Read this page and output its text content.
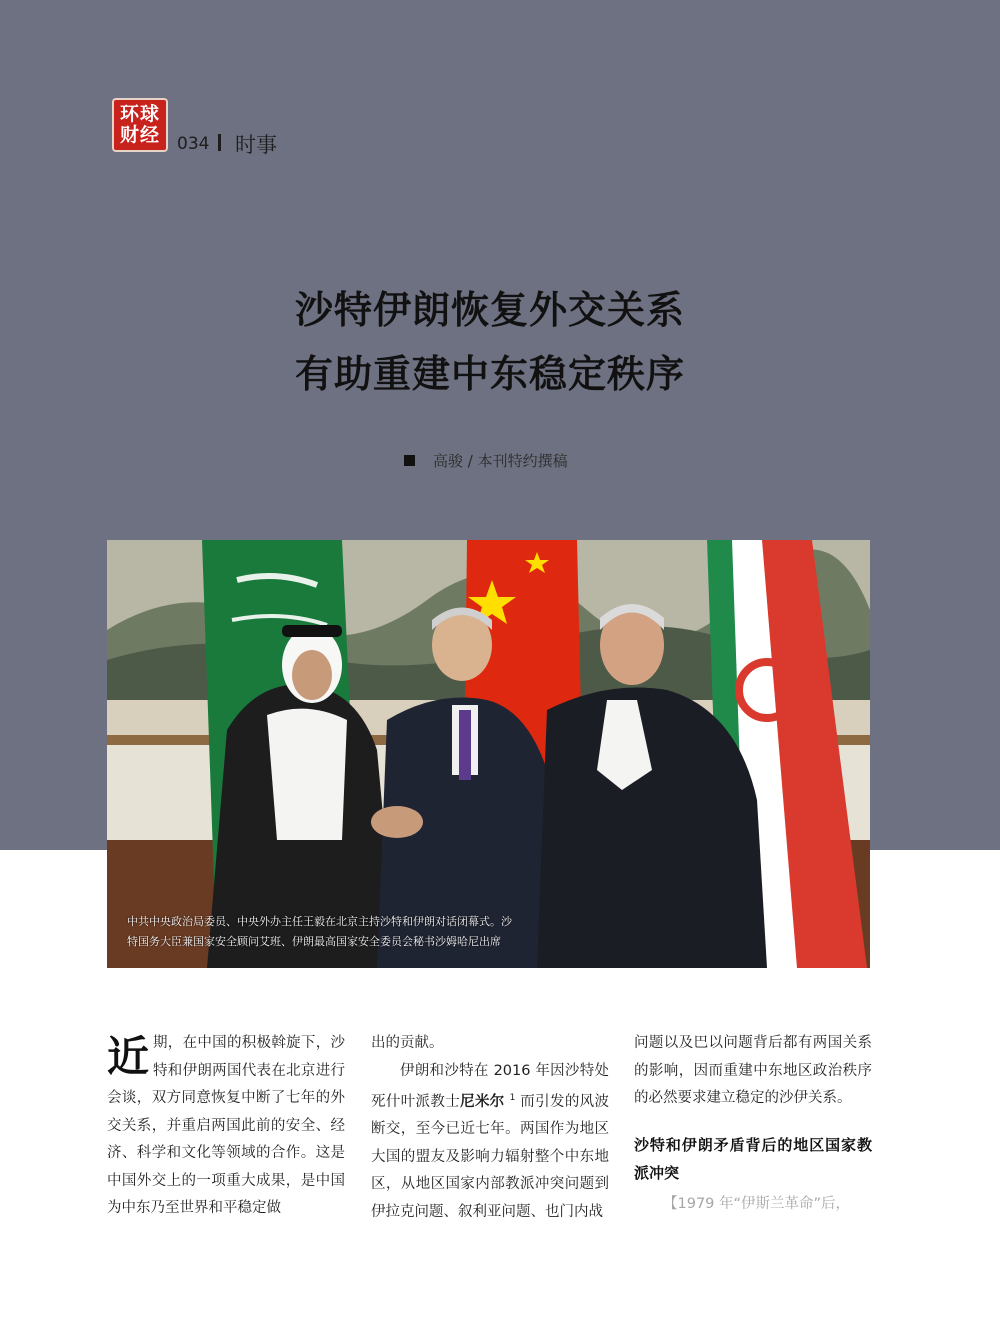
环球
财经 034 时事
沙特伊朗恢复外交关系
有助重建中东稳定秩序
高骏 / 本刊特约撰稿
中共中央政治局委员、中央外办主任王毅在北京主持沙特和伊朗对话闭幕式。沙
特国务大臣兼国家安全顾问艾班、伊朗最高国家安全委员会秘书沙姆哈尼出席

近 期，在中国的积极斡旋下，沙特和伊朗两国代表在北京进行会谈，双方同意恢复中断了七年的外交关系，并重启两国此前的安全、经济、科学和文化等领域的合作。这是中国外交上的一项重大成果，是中国为中东乃至世界和平稳定做

出的贡献。

伊朗和沙特在 2016 年因沙特处死什叶派教士尼米尔 $^1$ 而引发的风波断交，至今已近七年。两国作为地区大国的盟友及影响力辐射整个中东地区，从地区国家内部教派冲突问题到伊拉克问题、叙利亚问题、也门内战

问题以及巴以问题背后都有两国关系的影响，因而重建中东地区政治秩序的必然要求建立稳定的沙伊关系。

沙特和伊朗矛盾背后的地区国家教派冲突

【1979 年“伊斯兰革命”后，
